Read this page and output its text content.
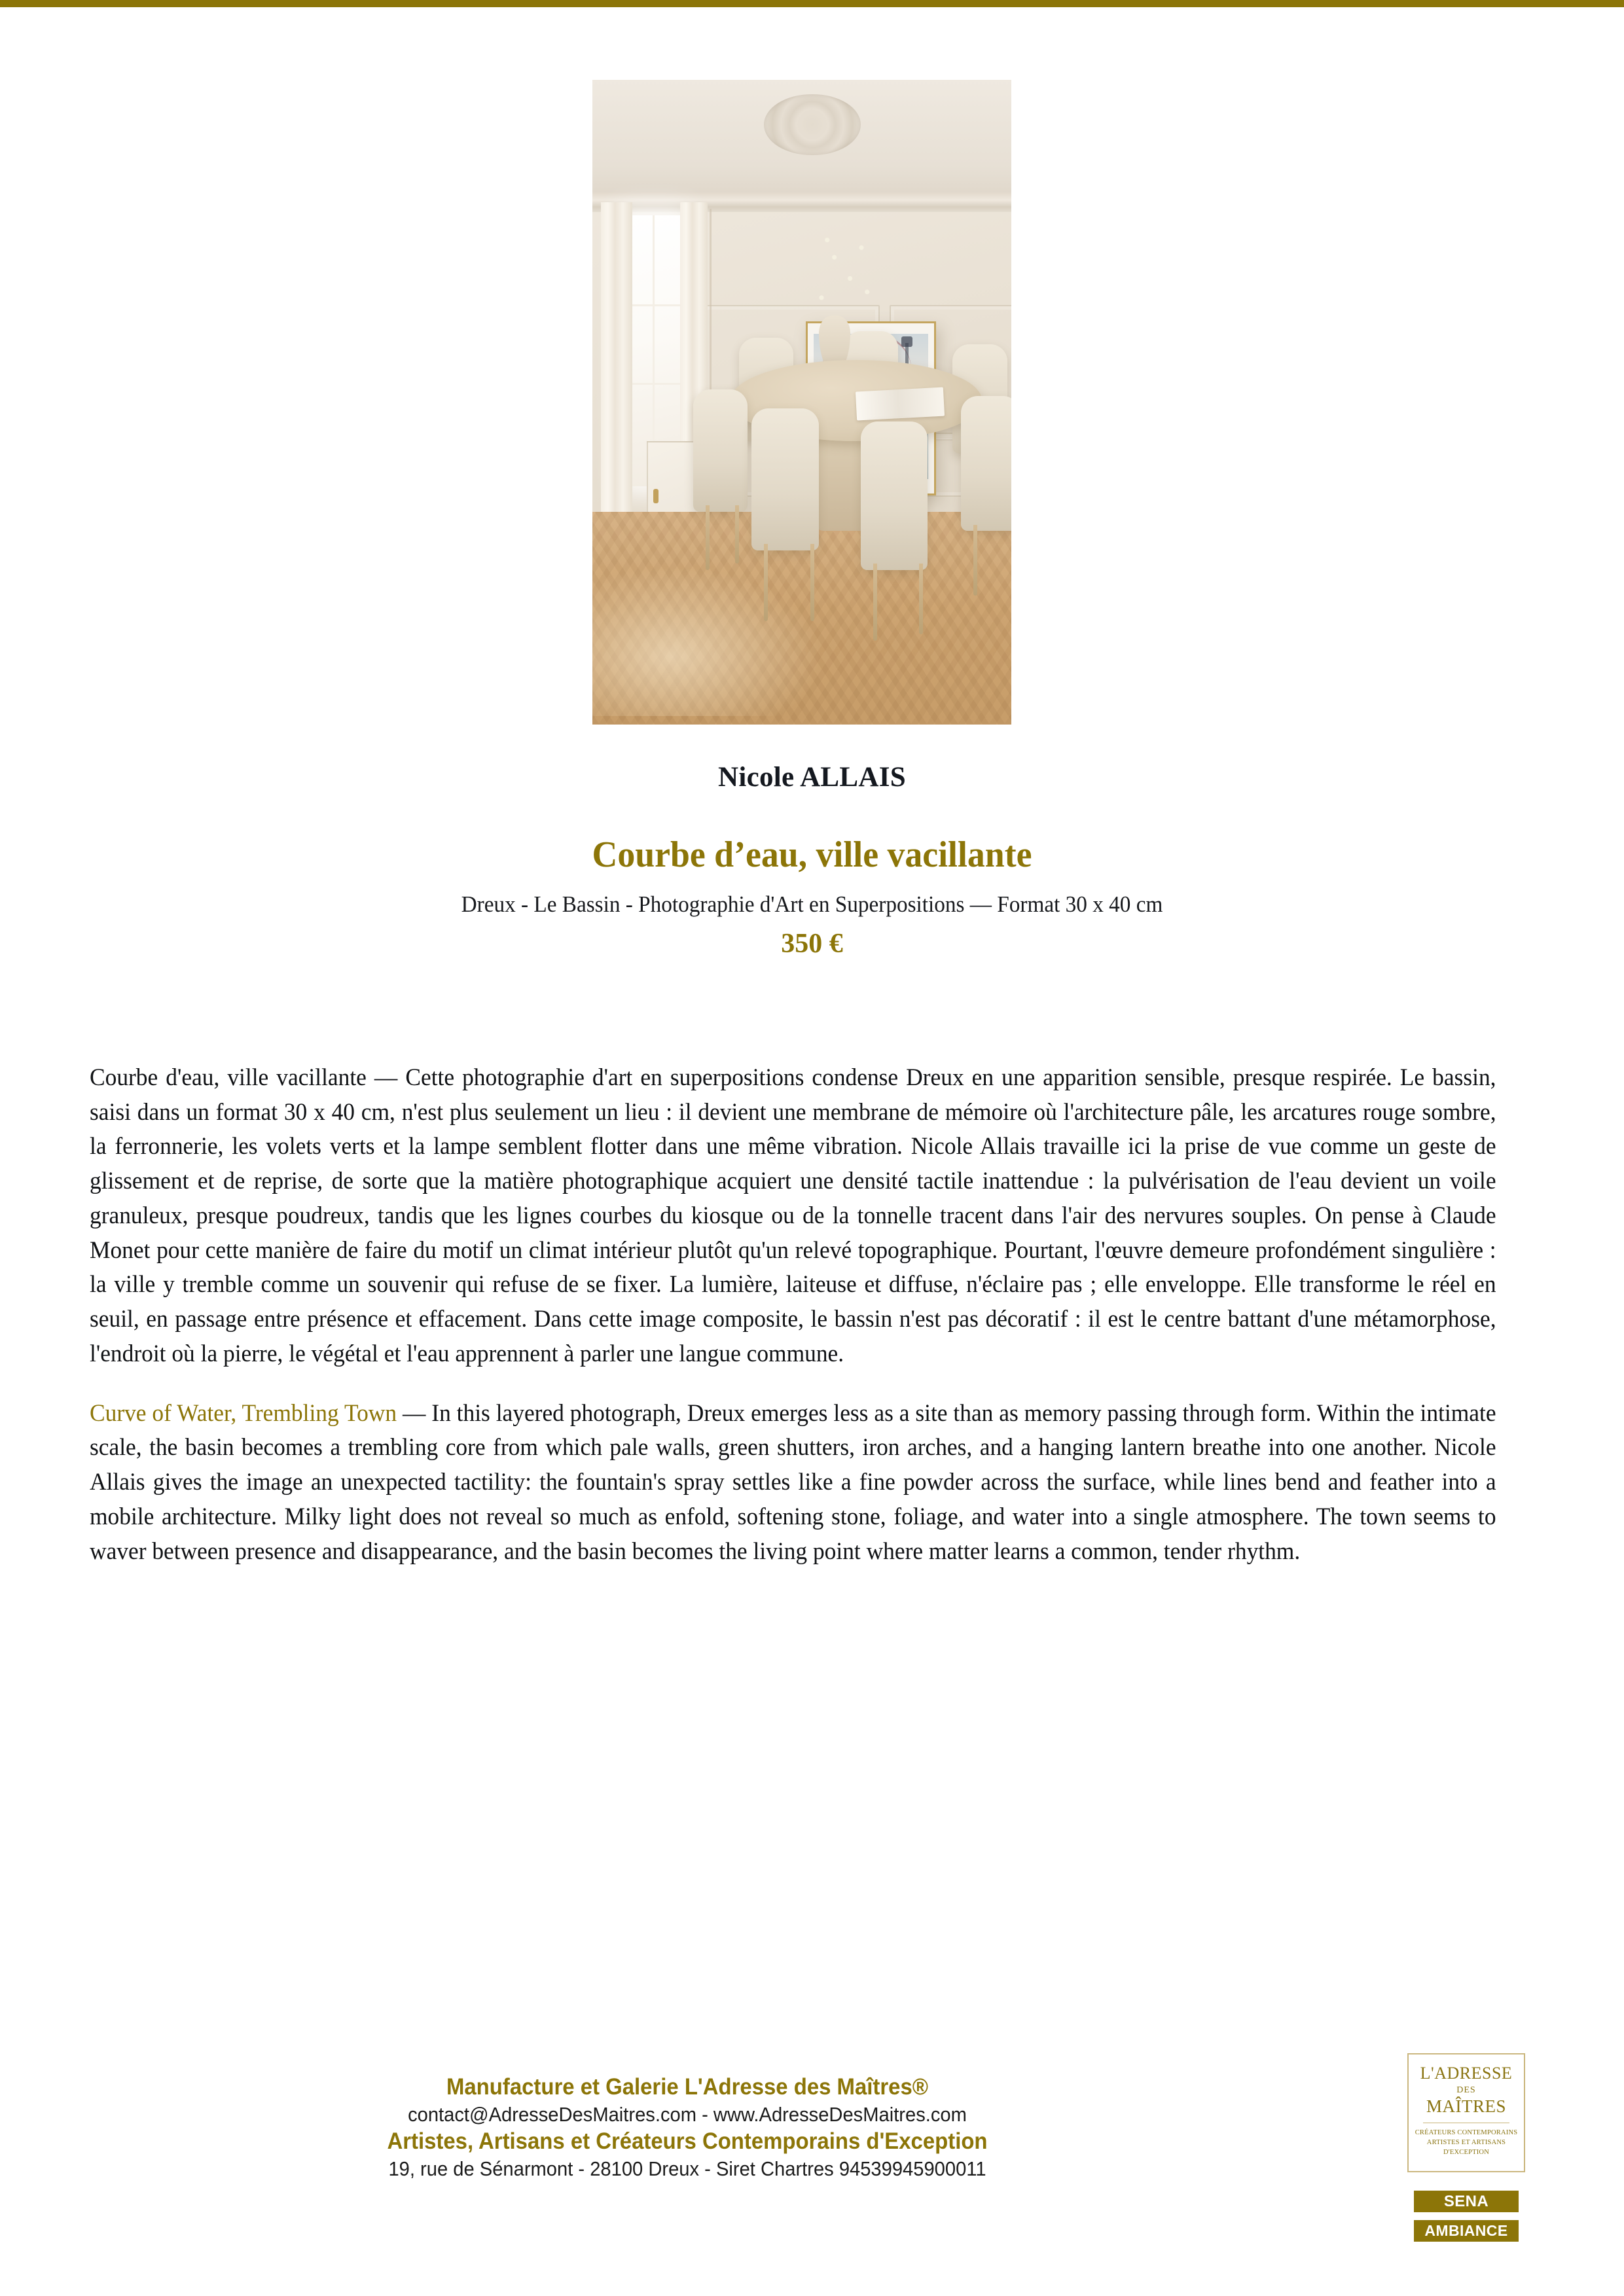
Nicole ALLAIS
Courbe d’eau, ville vacillante
Dreux - Le Bassin - Photographie d'Art en Superpositions — Format 30 x 40 cm
350 €

Courbe d'eau, ville vacillante — Cette photographie d'art en superpositions condense Dreux en une apparition sensible, presque respirée. Le bassin, saisi dans un format 30 x 40 cm, n'est plus seulement un lieu : il devient une membrane de mémoire où l'architecture pâle, les arcatures rouge sombre, la ferronnerie, les volets verts et la lampe semblent flotter dans une même vibration. Nicole Allais travaille ici la prise de vue comme un geste de glissement et de reprise, de sorte que la matière photographique acquiert une densité tactile inattendue : la pulvérisation de l'eau devient un voile granuleux, presque poudreux, tandis que les lignes courbes du kiosque ou de la tonnelle tracent dans l'air des nervures souples. On pense à Claude Monet pour cette manière de faire du motif un climat intérieur plutôt qu'un relevé topographique. Pourtant, l'œuvre demeure profondément singulière : la ville y tremble comme un souvenir qui refuse de se fixer. La lumière, laiteuse et diffuse, n'éclaire pas ; elle enveloppe. Elle transforme le réel en seuil, en passage entre présence et effacement. Dans cette image composite, le bassin n'est pas décoratif : il est le centre battant d'une métamorphose, l'endroit où la pierre, le végétal et l'eau apprennent à parler une langue commune.

Curve of Water, Trembling Town — In this layered photograph, Dreux emerges less as a site than as memory passing through form. Within the intimate scale, the basin becomes a trembling core from which pale walls, green shutters, iron arches, and a hanging lantern breathe into one another. Nicole Allais gives the image an unexpected tactility: the fountain's spray settles like a fine powder across the surface, while lines bend and feather into a mobile architecture. Milky light does not reveal so much as enfold, softening stone, foliage, and water into a single atmosphere. The town seems to waver between presence and disappearance, and the basin becomes the living point where matter learns a common, tender rhythm.

Manufacture et Galerie L'Adresse des Maîtres®
contact@AdresseDesMaitres.com - www.AdresseDesMaitres.com
Artistes, Artisans et Créateurs Contemporains d'Exception
19, rue de Sénarmont - 28100 Dreux - Siret Chartres 94539945900011
L'ADRESSE
DES
MAÎTRES
CRÉATEURS CONTEMPORAINS
ARTISTES ET ARTISANS
D'EXCEPTION
SENA
AMBIANCE
